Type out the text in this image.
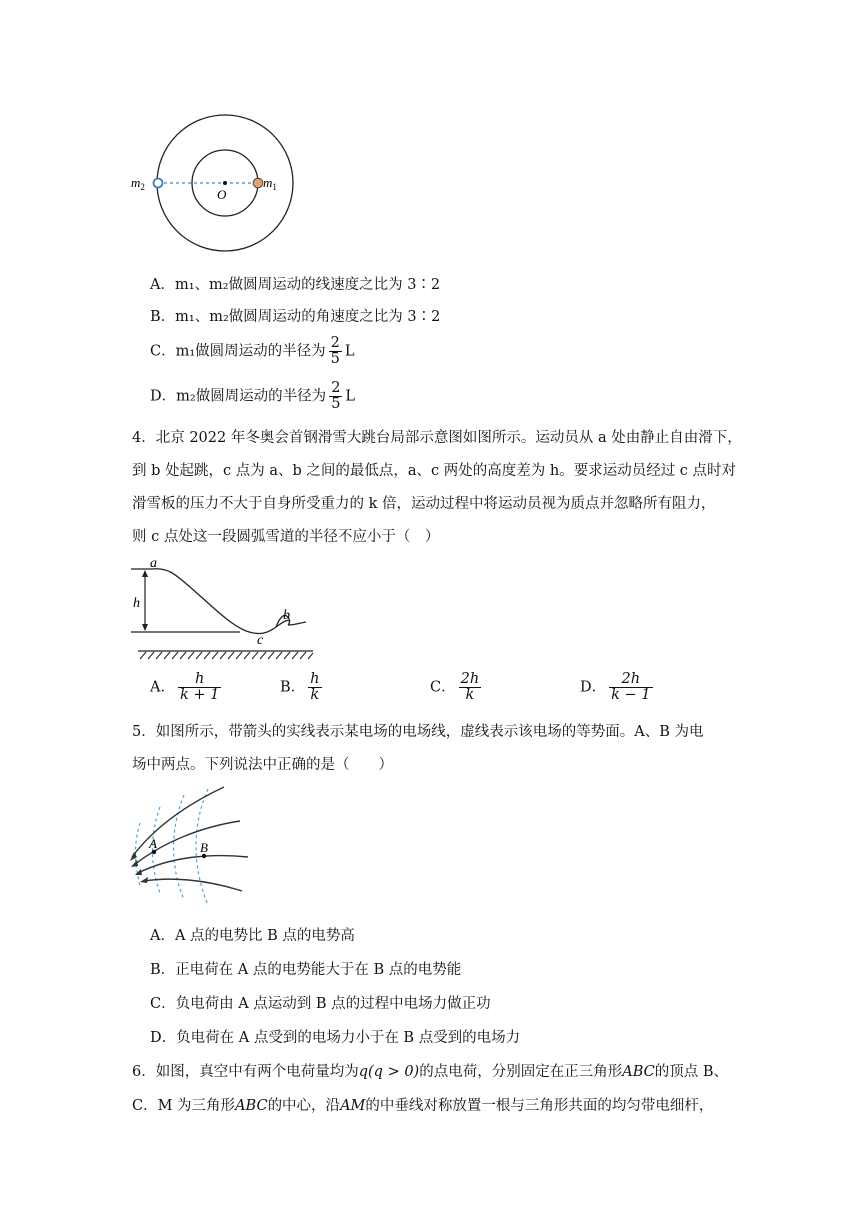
$m_2$	$m_1$
O
A．m₁、m₂做圆周运动的线速度之比为 3∶2
B．m₁、m₂做圆周运动的角速度之比为 3∶2
C．m₁做圆周运动的半径为 $\frac{2}{5}$ L
D．m₂做圆周运动的半径为 $\frac{2}{5}$ L
4．北京 2022 年冬奥会首钢滑雪大跳台局部示意图如图所示。运动员从 a 处由静止自由滑下，
到 b 处起跳，c 点为 a、b 之间的最低点，a、c 两处的高度差为 h。要求运动员经过 c 点时对
滑雪板的压力不大于自身所受重力的 k 倍，运动过程中将运动员视为质点并忽略所有阻力，
则 c 点处这一段圆弧雪道的半径不应小于（　）
a
h
c
b
A． $\frac{h}{k + 1}$	B． $\frac{h}{k}$	C． $\frac{2h}{k}$	D． $\frac{2h}{k - 1}$
5．如图所示，带箭头的实线表示某电场的电场线，虚线表示该电场的等势面。A、B 为电
场中两点。下列说法中正确的是（　　）
A	B
A．A 点的电势比 B 点的电势高
B．正电荷在 A 点的电势能大于在 B 点的电势能
C．负电荷由 A 点运动到 B 点的过程中电场力做正功
D．负电荷在 A 点受到的电场力小于在 B 点受到的电场力
6．如图，真空中有两个电荷量均为q(q > 0)的点电荷，分别固定在正三角形ABC的顶点 B、
C．M 为三角形ABC的中心，沿AM的中垂线对称放置一根与三角形共面的均匀带电细杆，
